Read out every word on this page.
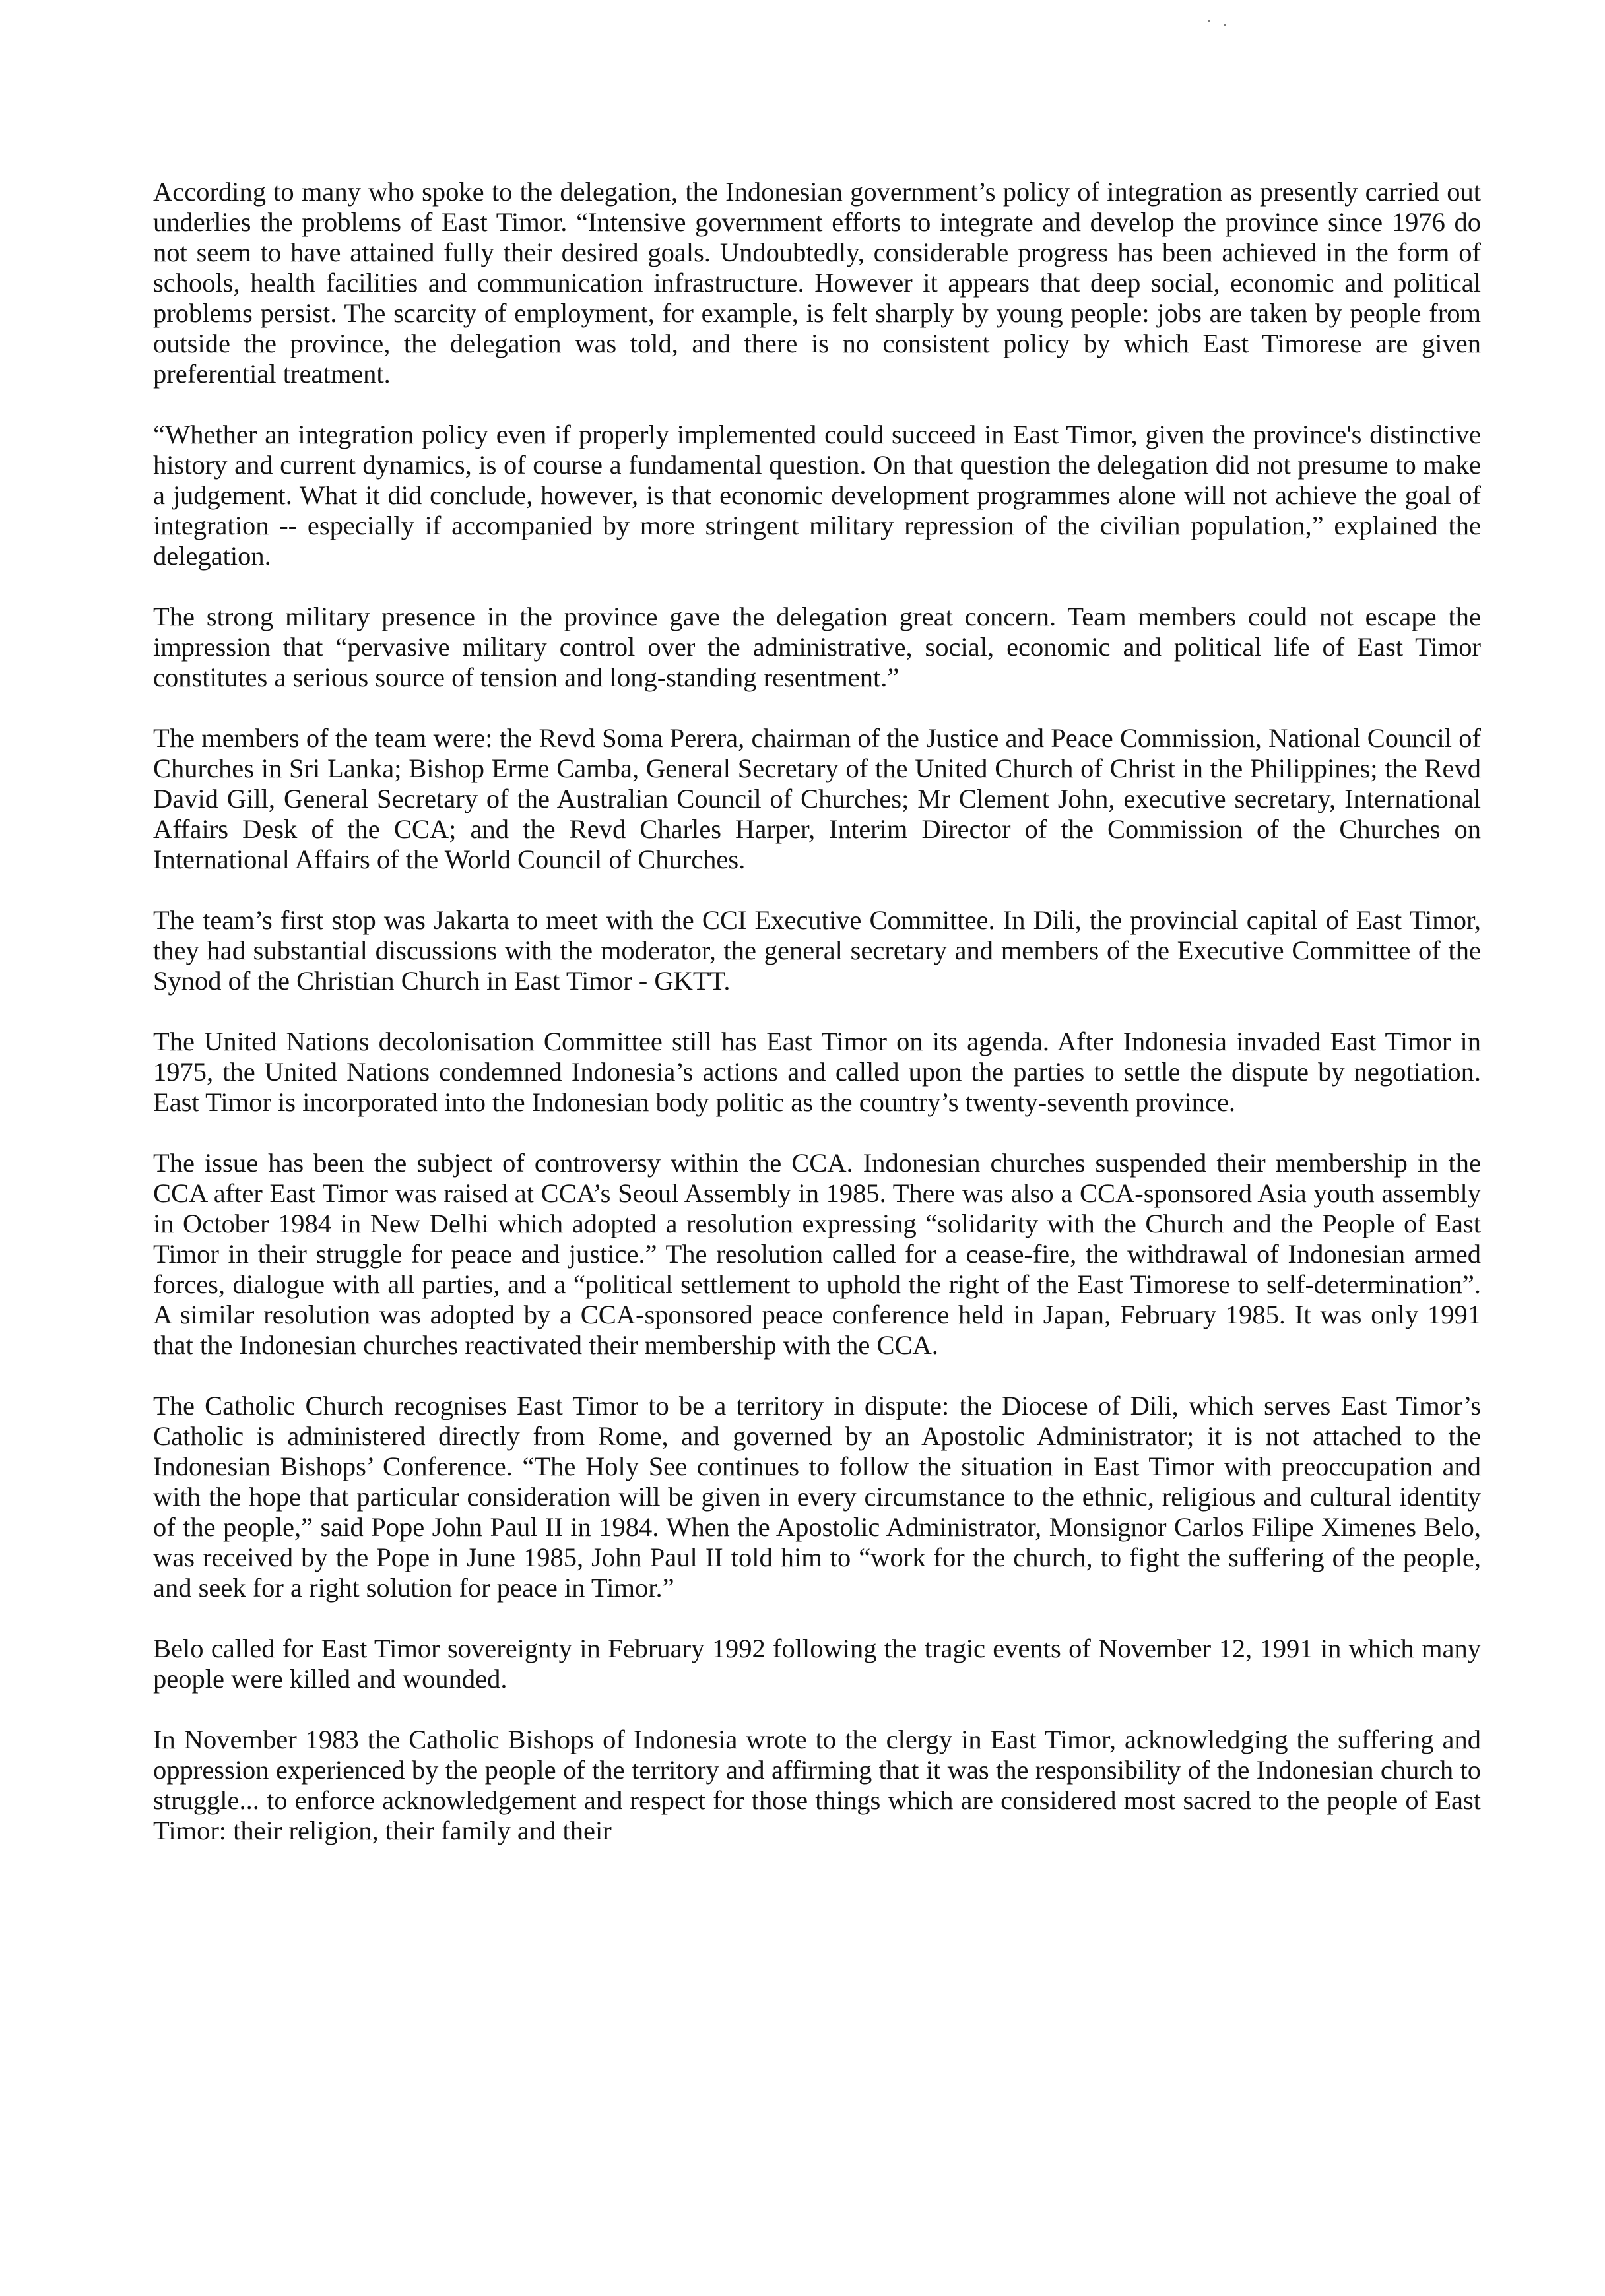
According to many who spoke to the delegation, the Indonesian government’s policy of integration as presently carried out underlies the problems of East Timor. “Intensive government efforts to integrate and develop the province since 1976 do not seem to have attained fully their desired goals. Undoubtedly, considerable progress has been achieved in the form of schools, health facilities and communication infrastructure. However it appears that deep social, economic and political problems persist. The scarcity of employment, for example, is felt sharply by young people: jobs are taken by people from outside the province, the delegation was told, and there is no consistent policy by which East Timorese are given preferential treatment.

“Whether an integration policy even if properly implemented could succeed in East Timor, given the province's distinctive history and current dynamics, is of course a fundamental question. On that question the delegation did not presume to make a judgement. What it did conclude, however, is that economic development programmes alone will not achieve the goal of integration -- especially if accompanied by more stringent military repression of the civilian population,” explained the delegation.

The strong military presence in the province gave the delegation great concern. Team members could not escape the impression that “pervasive military control over the administrative, social, economic and political life of East Timor constitutes a serious source of tension and long-standing resentment.”

The members of the team were: the Revd Soma Perera, chairman of the Justice and Peace Commission, National Council of Churches in Sri Lanka; Bishop Erme Camba, General Secretary of the United Church of Christ in the Philippines; the Revd David Gill, General Secretary of the Australian Council of Churches; Mr Clement John, executive secretary, International Affairs Desk of the CCA; and the Revd Charles Harper, Interim Director of the Commission of the Churches on International Affairs of the World Council of Churches.

The team’s first stop was Jakarta to meet with the CCI Executive Committee. In Dili, the provincial capital of East Timor, they had substantial discussions with the moderator, the general secretary and members of the Executive Committee of the Synod of the Christian Church in East Timor - GKTT.

The United Nations decolonisation Committee still has East Timor on its agenda. After Indonesia invaded East Timor in 1975, the United Nations condemned Indonesia’s actions and called upon the parties to settle the dispute by negotiation. East Timor is incorporated into the Indonesian body politic as the country’s twenty-seventh province.

The issue has been the subject of controversy within the CCA. Indonesian churches suspended their membership in the CCA after East Timor was raised at CCA’s Seoul Assembly in 1985. There was also a CCA-sponsored Asia youth assembly in October 1984 in New Delhi which adopted a resolution expressing “solidarity with the Church and the People of East Timor in their struggle for peace and justice.” The resolution called for a cease-fire, the withdrawal of Indonesian armed forces, dialogue with all parties, and a “political settlement to uphold the right of the East Timorese to self-determination”. A similar resolution was adopted by a CCA-sponsored peace conference held in Japan, February 1985. It was only 1991 that the Indonesian churches reactivated their membership with the CCA.

The Catholic Church recognises East Timor to be a territory in dispute: the Diocese of Dili, which serves East Timor’s Catholic is administered directly from Rome, and governed by an Apostolic Administrator; it is not attached to the Indonesian Bishops’ Conference. “The Holy See continues to follow the situation in East Timor with preoccupation and with the hope that particular consideration will be given in every circumstance to the ethnic, religious and cultural identity of the people,” said Pope John Paul II in 1984. When the Apostolic Administrator, Monsignor Carlos Filipe Ximenes Belo, was received by the Pope in June 1985, John Paul II told him to “work for the church, to fight the suffering of the people, and seek for a right solution for peace in Timor.”

Belo called for East Timor sovereignty in February 1992 following the tragic events of November 12, 1991 in which many people were killed and wounded.

In November 1983 the Catholic Bishops of Indonesia wrote to the clergy in East Timor, acknowledging the suffering and oppression experienced by the people of the territory and affirming that it was the responsibility of the Indonesian church to struggle... to enforce acknowledgement and respect for those things which are considered most sacred to the people of East Timor: their religion, their family and their
